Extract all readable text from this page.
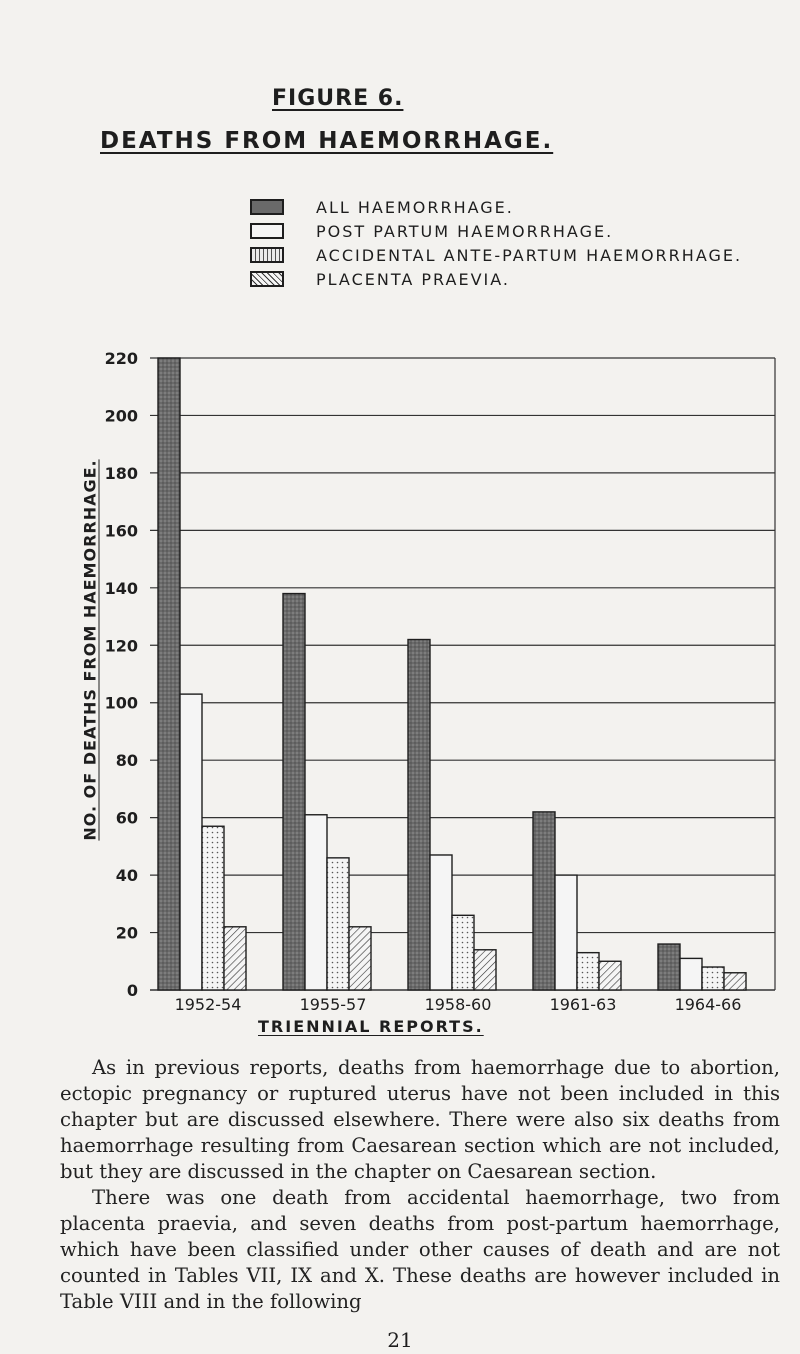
FIGURE 6.
DEATHS FROM HAEMORRHAGE.
ALL HAEMORRHAGE.
POST PARTUM HAEMORRHAGE.
ACCIDENTAL ANTE-PARTUM HAEMORRHAGE.
PLACENTA PRAEVIA.
0
20
40
60
80
100
120
140
160
180
200
220
1952-54	1955-57	1958-60	1961-63	1964-66
NO. OF DEATHS FROM HAEMORRHAGE.
TRIENNIAL REPORTS.

As in previous reports, deaths from haemorrhage due to abortion, ectopic pregnancy or ruptured uterus have not been included in this chapter but are discussed elsewhere. There were also six deaths from haemorrhage resulting from Caesarean section which are not included, but they are discussed in the chapter on Caesarean section.

There was one death from accidental haemorrhage, two from placenta praevia, and seven deaths from post-partum haemorrhage, which have been classified under other causes of death and are not counted in Tables VII, IX and X. These deaths are however included in Table VIII and in the following

21
